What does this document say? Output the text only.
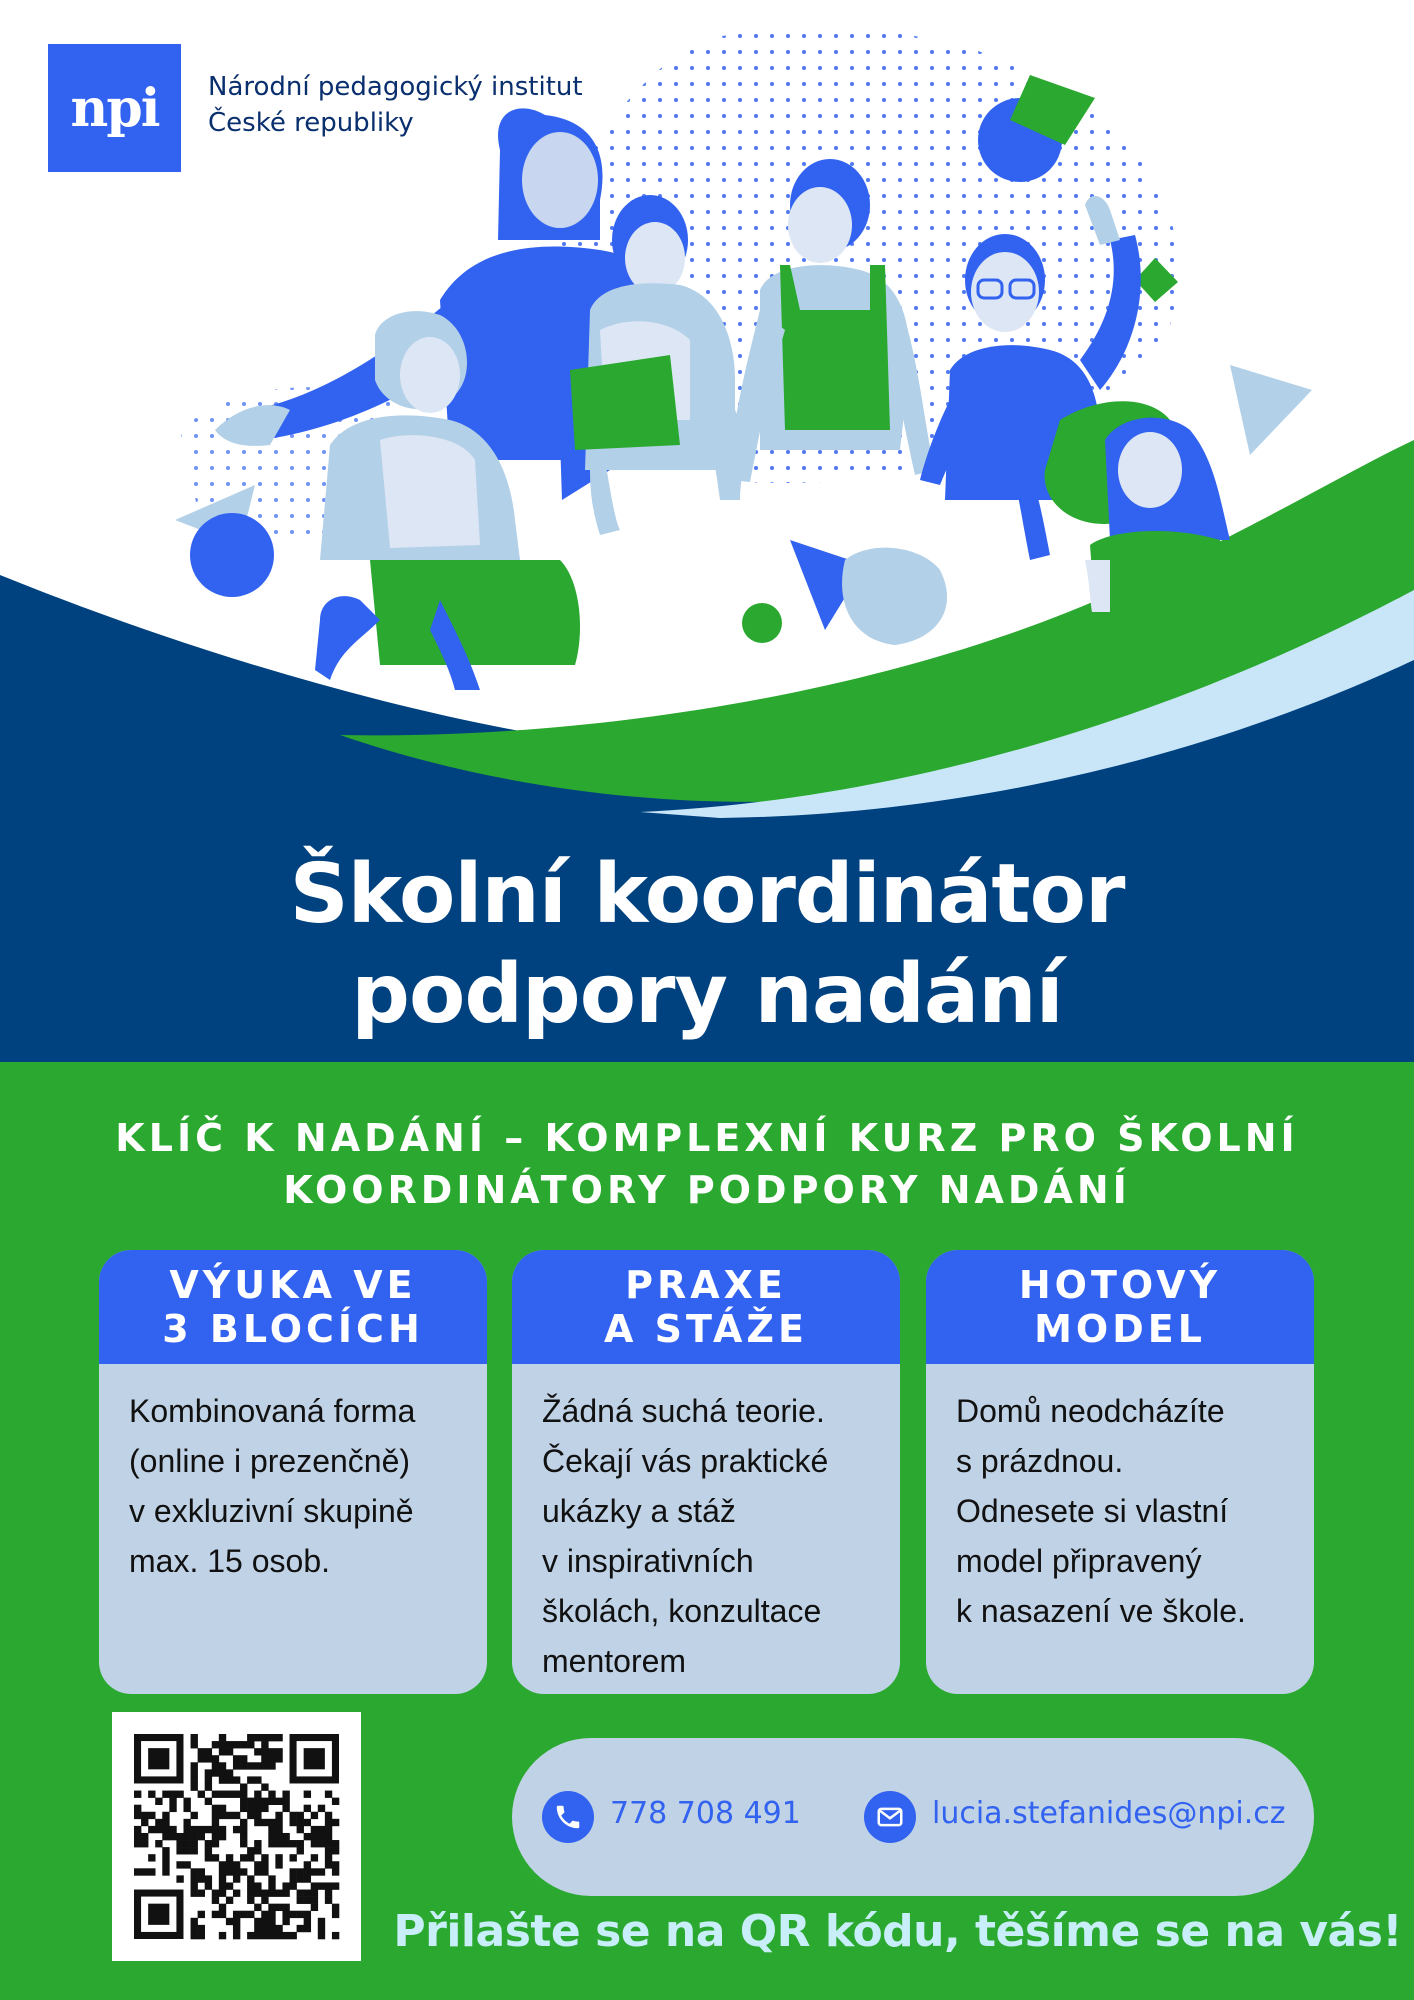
npi Národní pedagogický institut
České republiky
Školní koordinátor
podpory nadání
KLÍČ K NADÁNÍ – KOMPLEXNÍ KURZ PRO ŠKOLNÍ
KOORDINÁTORY PODPORY NADÁNÍ
VÝUKA VE
3 BLOCÍCH
Kombinovaná forma
(online i prezenčně)
v exkluzivní skupině
max. 15 osob.
PRAXE
A STÁŽE
Žádná suchá teorie.
Čekají vás praktické
ukázky a stáž
v inspirativních
školách, konzultace
mentorem
HOTOVÝ
MODEL
Domů neodcházíte
s prázdnou.
Odnesete si vlastní
model připravený
k nasazení ve škole.
778 708 491	lucia.stefanides@npi.cz
Přilašte se na QR kódu, těšíme se na vás!
